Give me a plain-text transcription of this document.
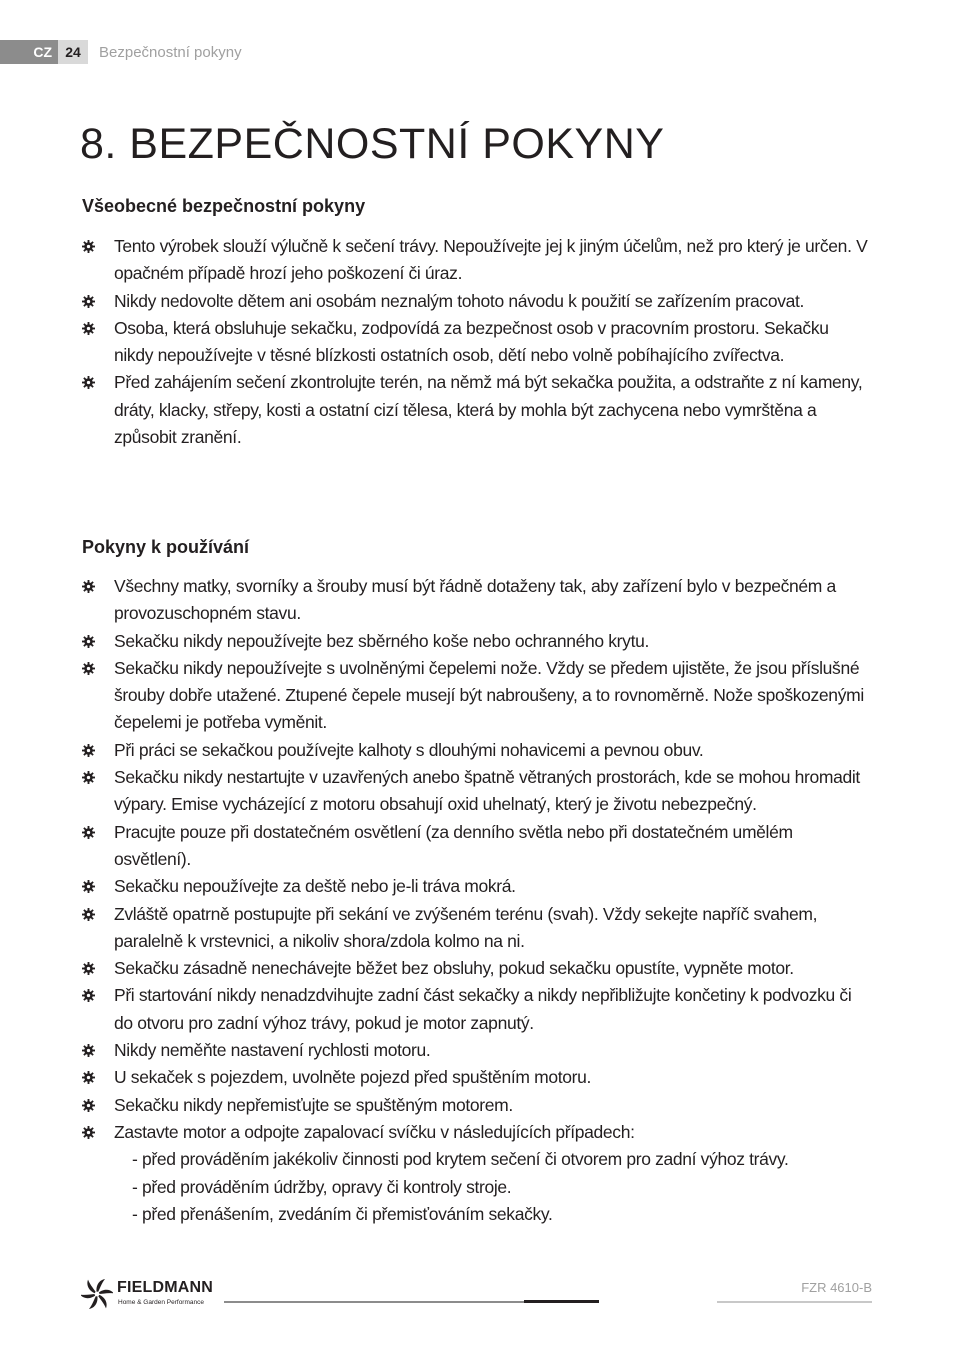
CZ 24	Bezpečnostní pokyny
8. BEZPEČNOSTNÍ POKYNY
Všeobecné bezpečnostní pokyny
Tento výrobek slouží výlučně k sečení trávy. Nepoužívejte jej k jiným účelům, než pro který je určen. V opačném případě hrozí jeho poškození či úraz.
Nikdy nedovolte dětem ani osobám neznalým tohoto návodu k použití se zařízením pracovat.
Osoba, která obsluhuje sekačku, zodpovídá za bezpečnost osob v pracovním prostoru. Sekačku nikdy nepoužívejte v těsné blízkosti ostatních osob, dětí nebo volně pobíhajícího zvířectva.
Před zahájením sečení zkontrolujte terén, na němž má být sekačka použita, a odstraňte z ní kameny, dráty, klacky, střepy, kosti a ostatní cizí tělesa, která by mohla být zachycena nebo vymrštěna a způsobit zranění.
Pokyny k používání
Všechny matky, svorníky a šrouby musí být řádně dotaženy tak, aby zařízení bylo v bezpečném a provozuschopném stavu.
Sekačku nikdy nepoužívejte bez sběrného koše nebo ochranného krytu.
Sekačku nikdy nepoužívejte s uvolněnými čepelemi nože. Vždy se předem ujistěte, že jsou příslušné šrouby dobře utažené. Ztupené čepele musejí být nabroušeny, a to rovnoměrně. Nože spoškozenými čepelemi je potřeba vyměnit.
Při práci se sekačkou používejte kalhoty s dlouhými nohavicemi a pevnou obuv.
Sekačku nikdy nestartujte v uzavřených anebo špatně větraných prostorách, kde se mohou hromadit výpary. Emise vycházející z motoru obsahují oxid uhelnatý, který je životu nebezpečný.
Pracujte pouze při dostatečném osvětlení (za denního světla nebo při dostatečném umělém osvětlení).
Sekačku nepoužívejte za deště nebo je-li tráva mokrá.
Zvláště opatrně postupujte při sekání ve zvýšeném terénu (svah). Vždy sekejte napříč svahem, paralelně k vrstevnici, a nikoliv shora/zdola kolmo na ni.
Sekačku zásadně nenechávejte běžet bez obsluhy, pokud sekačku opustíte, vypněte motor.
Při startování nikdy nenadzdvihujte zadní část sekačky a nikdy nepřibližujte končetiny k podvozku či do otvoru pro zadní výhoz trávy, pokud je motor zapnutý.
Nikdy neměňte nastavení rychlosti motoru.
U sekaček s pojezdem, uvolněte pojezd před spuštěním motoru.
Sekačku nikdy nepřemisťujte se spuštěným motorem.
Zastavte motor a odpojte zapalovací svíčku v následujících případech:
- před prováděním jakékoliv činnosti pod krytem sečení či otvorem pro zadní výhoz trávy.
- před prováděním údržby, opravy či kontroly stroje.
- před přenášením, zvedáním či přemisťováním sekačky.
FIELDMANN
Home & Garden Performance
FZR 4610-B
